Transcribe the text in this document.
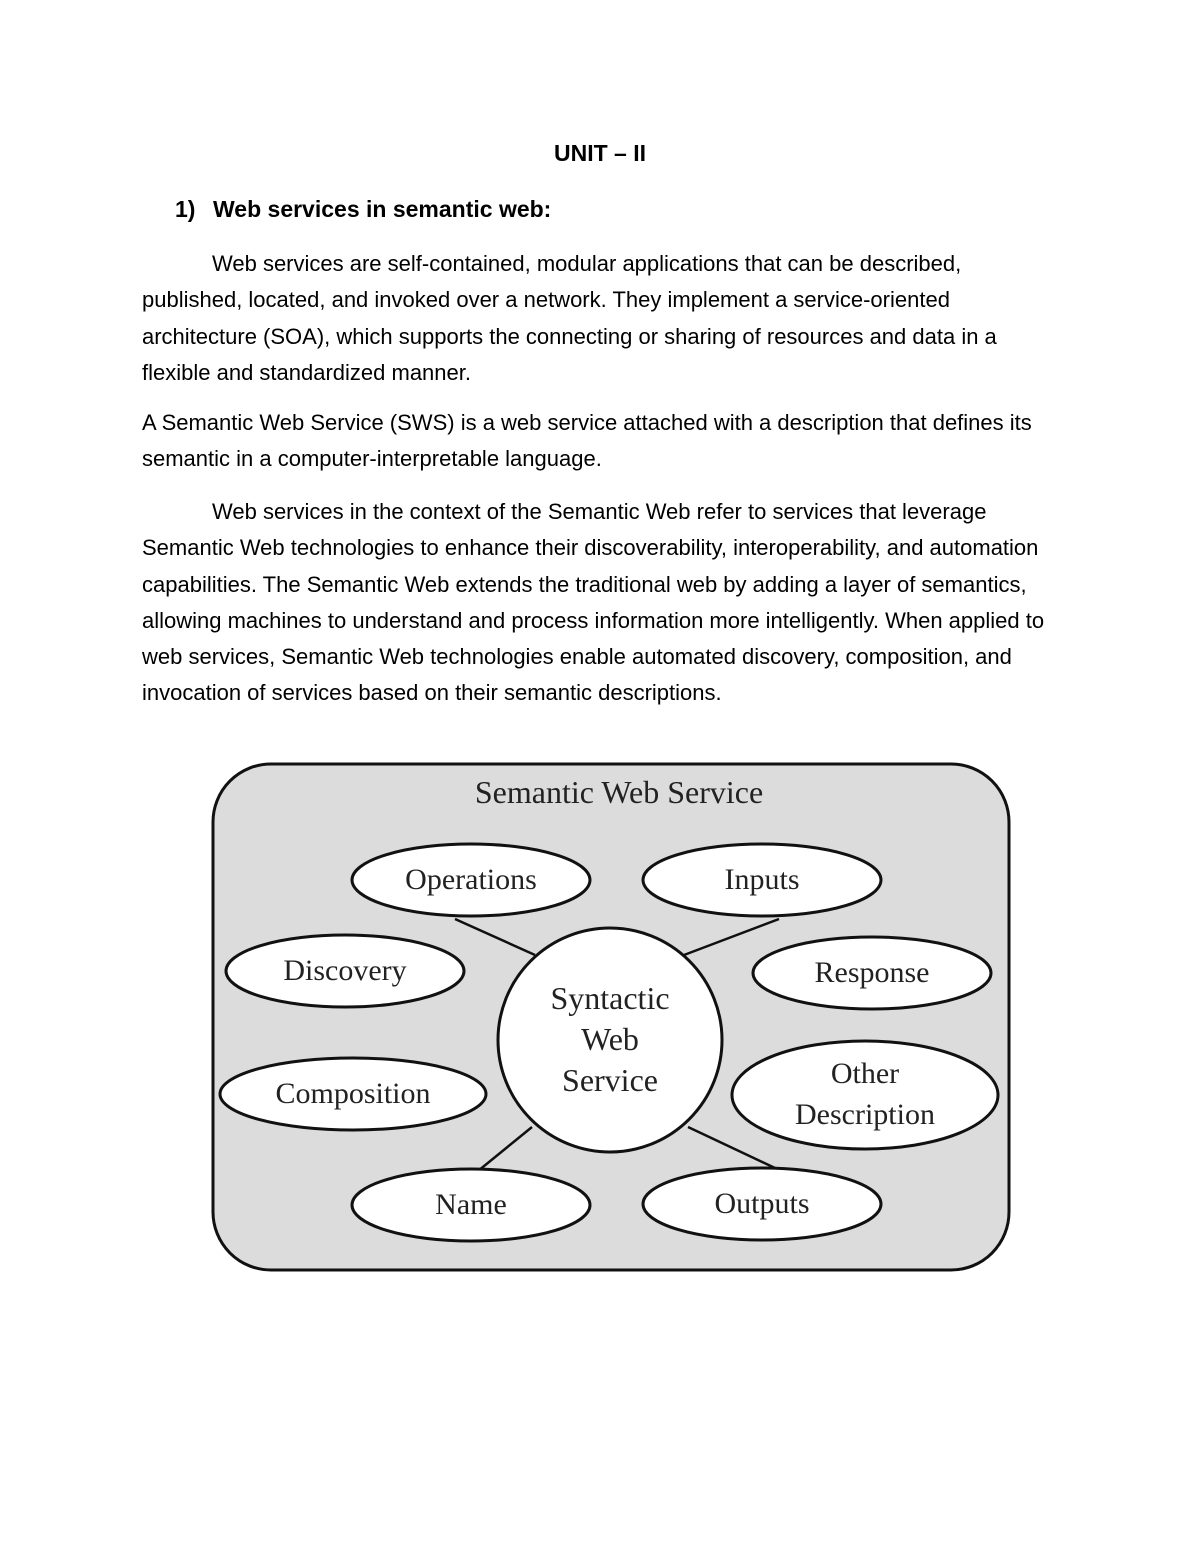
UNIT – II
1) Web services in semantic web:

Web services are self-contained, modular applications that can be described, published, located, and invoked over a network. They implement a service-oriented architecture (SOA), which supports the connecting or sharing of resources and data in a flexible and standardized manner.

A Semantic Web Service (SWS) is a web service attached with a description that defines its semantic in a computer-interpretable language.

Web services in the context of the Semantic Web refer to services that leverage Semantic Web technologies to enhance their discoverability, interoperability, and automation capabilities. The Semantic Web extends the traditional web by adding a layer of semantics, allowing machines to understand and process information more intelligently. When applied to web services, Semantic Web technologies enable automated discovery, composition, and invocation of services based on their semantic descriptions.

Semantic Web Service
Operations	Inputs
Discovery	Response
Composition
Other
Description
Name	Outputs
Syntactic
Web
Service
